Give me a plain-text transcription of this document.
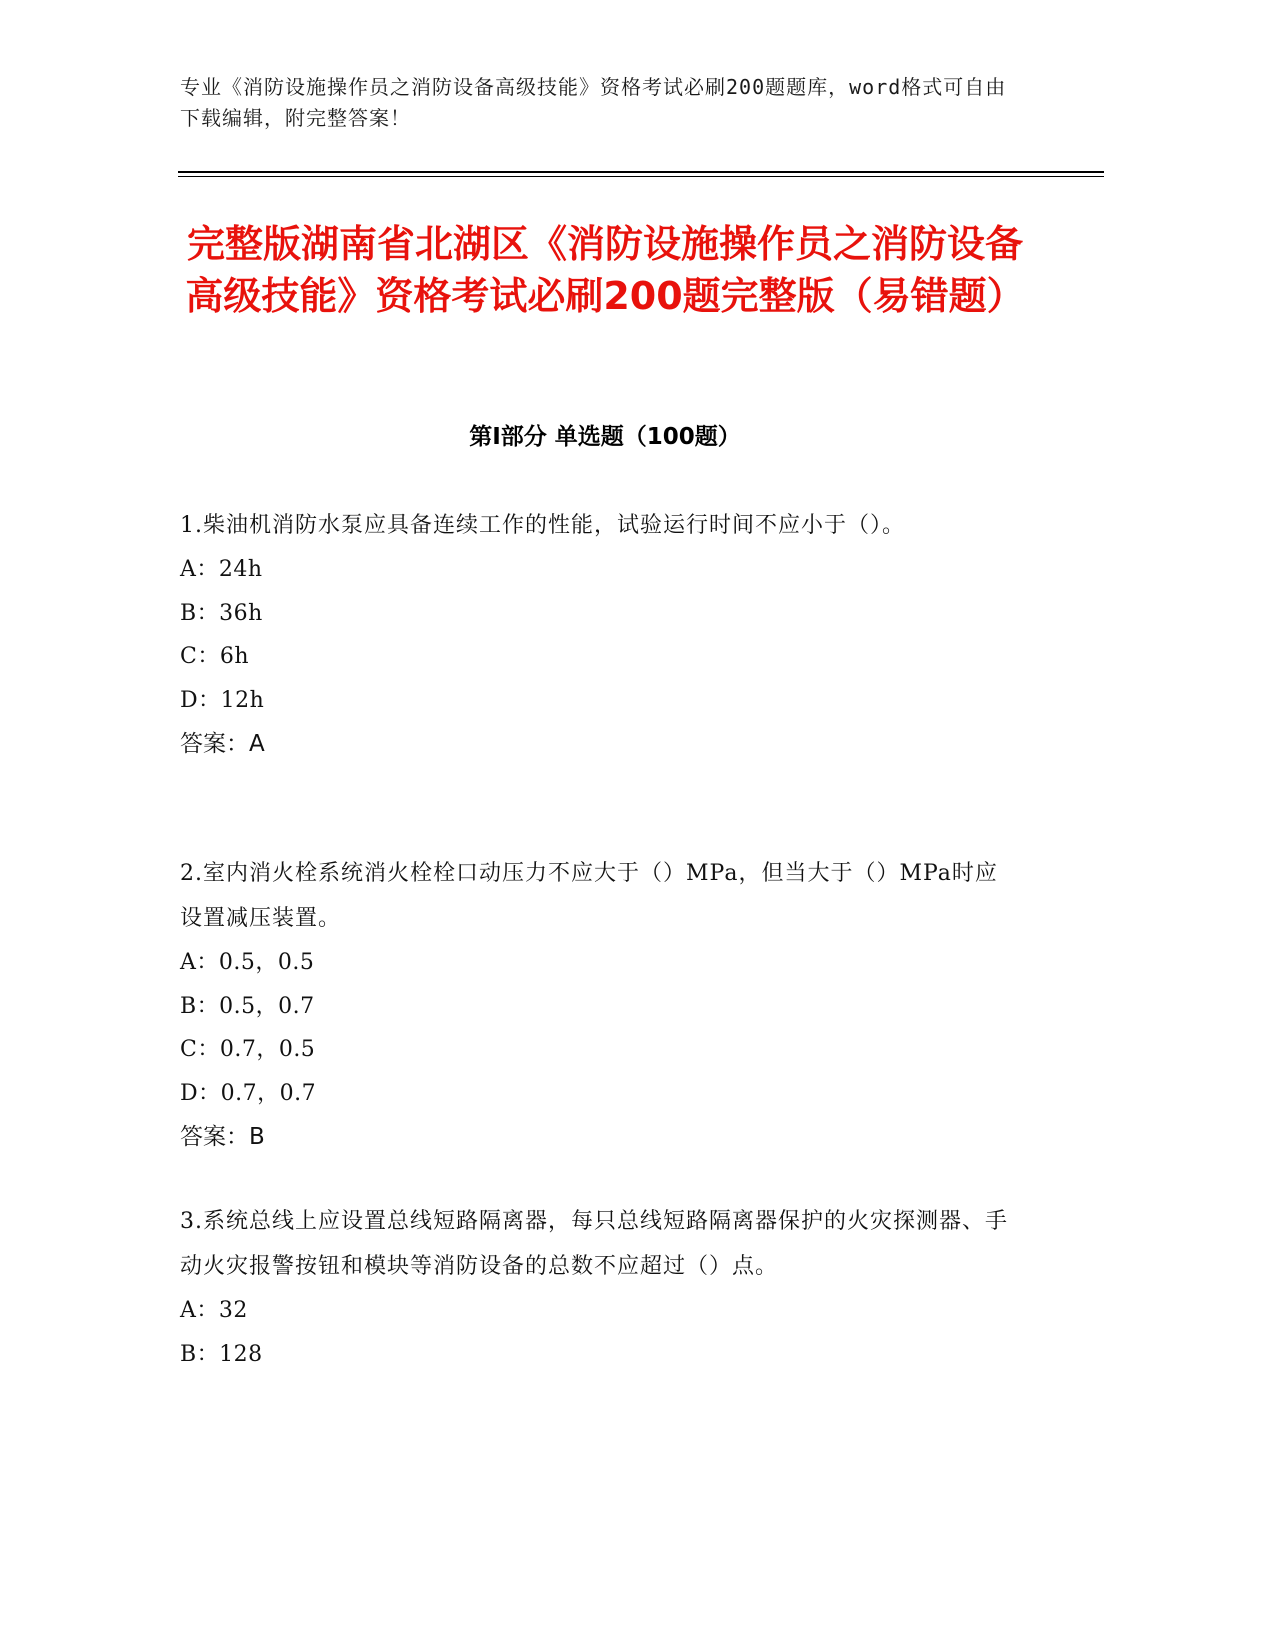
专业《消防设施操作员之消防设备高级技能》资格考试必刷200题题库，word格式可自由下载编辑，附完整答案！
完整版湖南省北湖区《消防设施操作员之消防设备高级技能》资格考试必刷200题完整版（易错题）
第I部分 单选题（100题）
1.柴油机消防水泵应具备连续工作的性能，试验运行时间不应小于（）。
A：24h
B：36h
C：6h
D：12h
答案：A
2.室内消火栓系统消火栓栓口动压力不应大于（）MPa，但当大于（）MPa时应设置减压装置。
A：0.5，0.5
B：0.5，0.7
C：0.7，0.5
D：0.7，0.7
答案：B
3.系统总线上应设置总线短路隔离器，每只总线短路隔离器保护的火灾探测器、手动火灾报警按钮和模块等消防设备的总数不应超过（）点。
A：32
B：128
